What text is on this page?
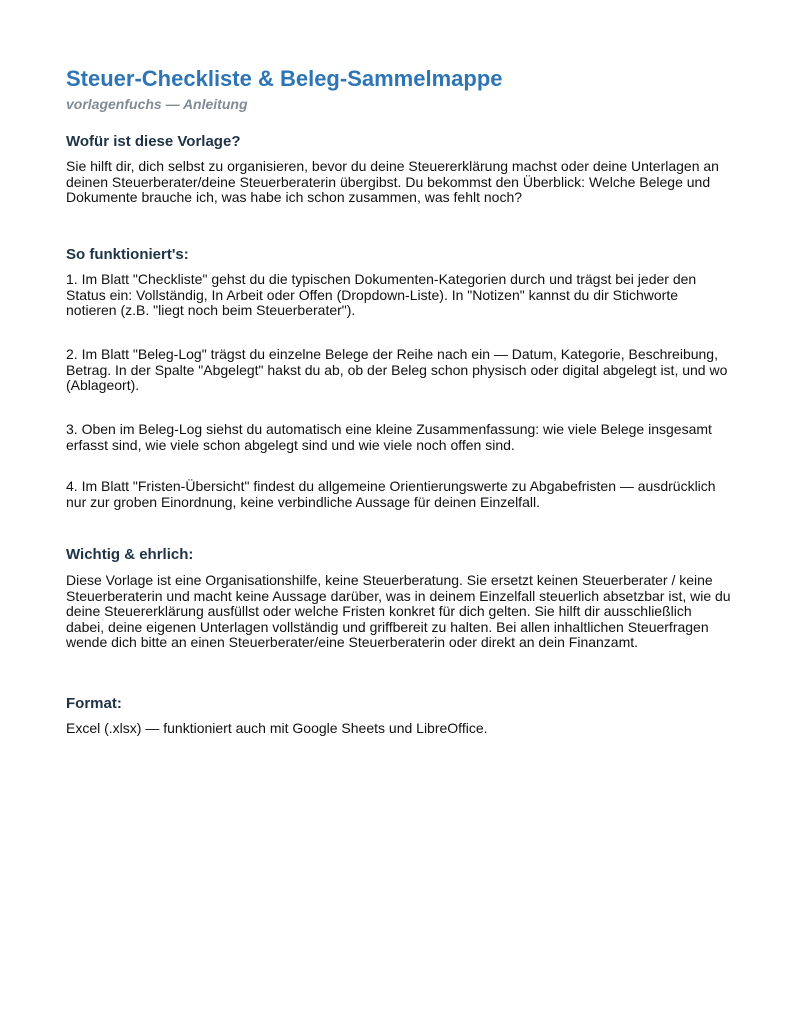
Steuer-Checkliste & Beleg-Sammelmappe

vorlagenfuchs — Anleitung

Wofür ist diese Vorlage?

Sie hilft dir, dich selbst zu organisieren, bevor du deine Steuererklärung machst oder deine Unterlagen an deinen Steuerberater/deine Steuerberaterin übergibst. Du bekommst den Überblick: Welche Belege und Dokumente brauche ich, was habe ich schon zusammen, was fehlt noch?

So funktioniert's:

1. Im Blatt "Checkliste" gehst du die typischen Dokumenten-Kategorien durch und trägst bei jeder den Status ein: Vollständig, In Arbeit oder Offen (Dropdown-Liste). In "Notizen" kannst du dir Stichworte notieren (z.B. "liegt noch beim Steuerberater").

2. Im Blatt "Beleg-Log" trägst du einzelne Belege der Reihe nach ein — Datum, Kategorie, Beschreibung, Betrag. In der Spalte "Abgelegt" hakst du ab, ob der Beleg schon physisch oder digital abgelegt ist, und wo (Ablageort).

3. Oben im Beleg-Log siehst du automatisch eine kleine Zusammenfassung: wie viele Belege insgesamt erfasst sind, wie viele schon abgelegt sind und wie viele noch offen sind.

4. Im Blatt "Fristen-Übersicht" findest du allgemeine Orientierungswerte zu Abgabefristen — ausdrücklich nur zur groben Einordnung, keine verbindliche Aussage für deinen Einzelfall.

Wichtig & ehrlich:

Diese Vorlage ist eine Organisationshilfe, keine Steuerberatung. Sie ersetzt keinen Steuerberater / keine Steuerberaterin und macht keine Aussage darüber, was in deinem Einzelfall steuerlich absetzbar ist, wie du deine Steuererklärung ausfüllst oder welche Fristen konkret für dich gelten. Sie hilft dir ausschließlich dabei, deine eigenen Unterlagen vollständig und griffbereit zu halten. Bei allen inhaltlichen Steuerfragen wende dich bitte an einen Steuerberater/eine Steuerberaterin oder direkt an dein Finanzamt.

Format:

Excel (.xlsx) — funktioniert auch mit Google Sheets und LibreOffice.
